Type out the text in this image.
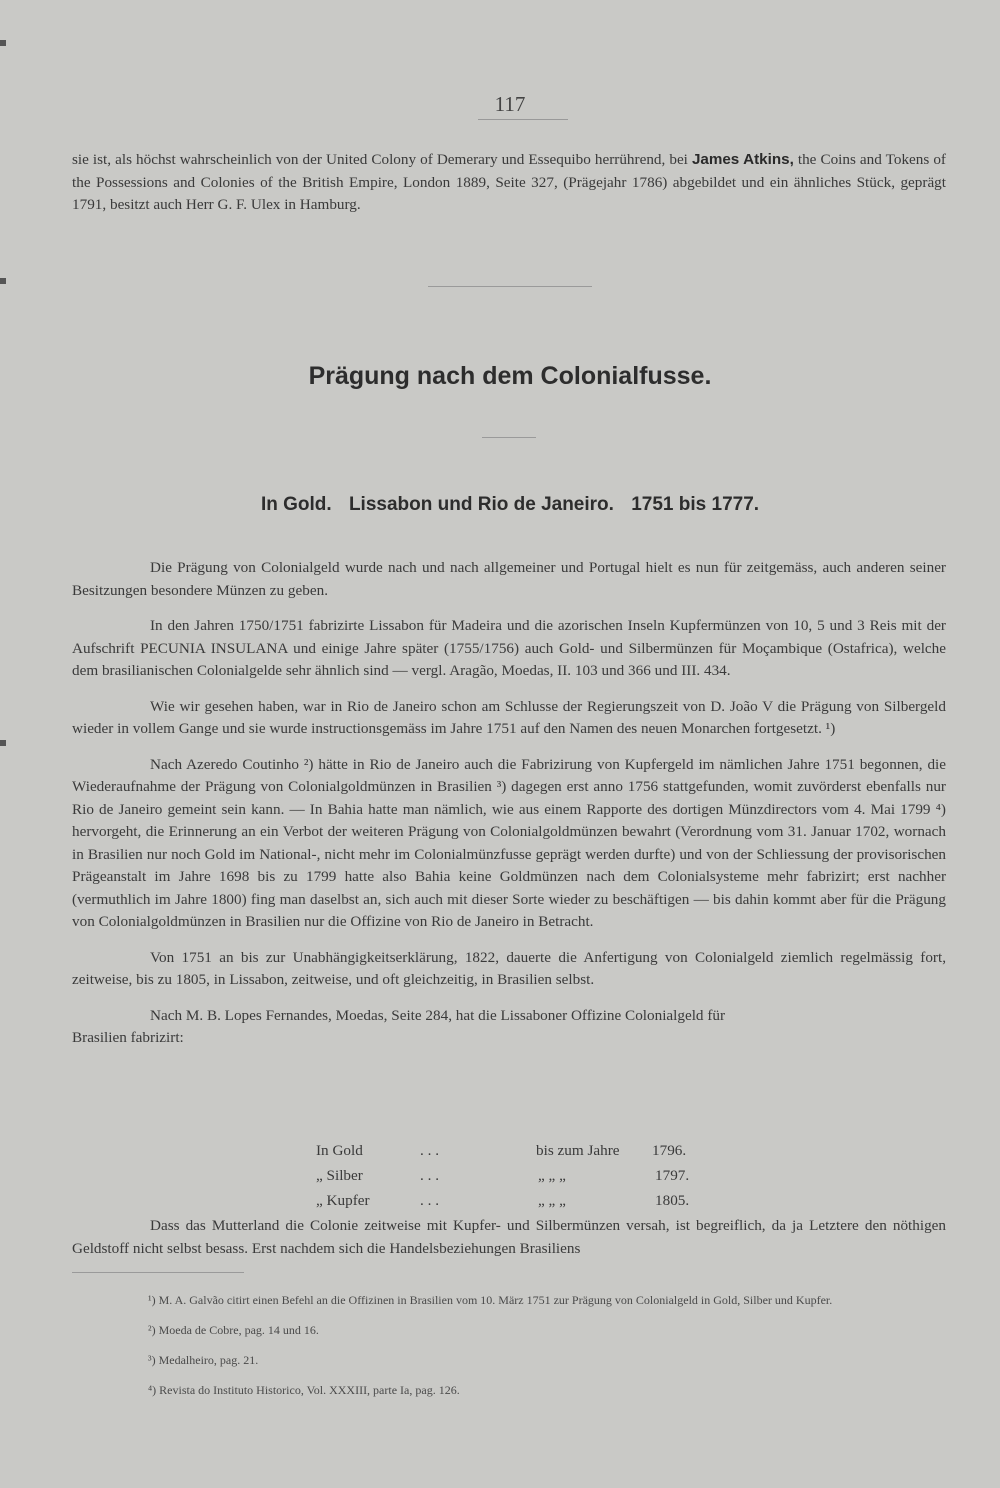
117

sie ist, als höchst wahrscheinlich von der United Colony of Demerary und Essequibo herrührend, bei James Atkins, the Coins and Tokens of the Possessions and Colonies of the British Empire, London 1889, Seite 327, (Prägejahr 1786) abgebildet und ein ähnliches Stück, geprägt 1791, besitzt auch Herr G. F. Ulex in Hamburg.

Prägung nach dem Colonialfusse.
In Gold. Lissabon und Rio de Janeiro. 1751 bis 1777.

Die Prägung von Colonialgeld wurde nach und nach allgemeiner und Portugal hielt es nun für zeitgemäss, auch anderen seiner Besitzungen besondere Münzen zu geben.

In den Jahren 1750/1751 fabrizirte Lissabon für Madeira und die azorischen Inseln Kupfermünzen von 10, 5 und 3 Reis mit der Aufschrift PECUNIA INSULANA und einige Jahre später (1755/1756) auch Gold- und Silbermünzen für Moçambique (Ostafrica), welche dem brasilianischen Colonialgelde sehr ähnlich sind — vergl. Aragão, Moedas, II. 103 und 366 und III. 434.

Wie wir gesehen haben, war in Rio de Janeiro schon am Schlusse der Regierungszeit von D. João V die Prägung von Silbergeld wieder in vollem Gange und sie wurde instructionsgemäss im Jahre 1751 auf den Namen des neuen Monarchen fortgesetzt. ¹)

Nach Azeredo Coutinho ²) hätte in Rio de Janeiro auch die Fabrizirung von Kupfergeld im nämlichen Jahre 1751 begonnen, die Wiederaufnahme der Prägung von Colonialgoldmünzen in Brasilien ³) dagegen erst anno 1756 stattgefunden, womit zuvörderst ebenfalls nur Rio de Janeiro gemeint sein kann. — In Bahia hatte man nämlich, wie aus einem Rapporte des dortigen Münzdirectors vom 4. Mai 1799 ⁴) hervorgeht, die Erinnerung an ein Verbot der weiteren Prägung von Colonialgoldmünzen bewahrt (Verordnung vom 31. Januar 1702, wornach in Brasilien nur noch Gold im National-, nicht mehr im Colonialmünzfusse geprägt werden durfte) und von der Schliessung der provisorischen Prägeanstalt im Jahre 1698 bis zu 1799 hatte also Bahia keine Goldmünzen nach dem Colonialsysteme mehr fabrizirt; erst nachher (vermuthlich im Jahre 1800) fing man daselbst an, sich auch mit dieser Sorte wieder zu beschäftigen — bis dahin kommt aber für die Prägung von Colonialgoldmünzen in Brasilien nur die Offizine von Rio de Janeiro in Betracht.

Von 1751 an bis zur Unabhängigkeitserklärung, 1822, dauerte die Anfertigung von Colonialgeld ziemlich regelmässig fort, zeitweise, bis zu 1805, in Lissabon, zeitweise, und oft gleichzeitig, in Brasilien selbst.

Nach M. B. Lopes Fernandes, Moedas, Seite 284, hat die Lissaboner Offizine Colonialgeld für

Brasilien fabrizirt:

In Gold	. . .	bis zum Jahre 1796.
„ Silber	. . .	„ „ „	1797.
„ Kupfer	. . .	„ „ „	1805.

Dass das Mutterland die Colonie zeitweise mit Kupfer- und Silbermünzen versah, ist begreiflich, da ja Letztere den nöthigen Geldstoff nicht selbst besass. Erst nachdem sich die Handelsbeziehungen Brasiliens

¹) M. A. Galvão citirt einen Befehl an die Offizinen in Brasilien vom 10. März 1751 zur Prägung von Colonialgeld in Gold, Silber und Kupfer.

²) Moeda de Cobre, pag. 14 und 16.

³) Medalheiro, pag. 21.

⁴) Revista do Instituto Historico, Vol. XXXIII, parte Ia, pag. 126.
